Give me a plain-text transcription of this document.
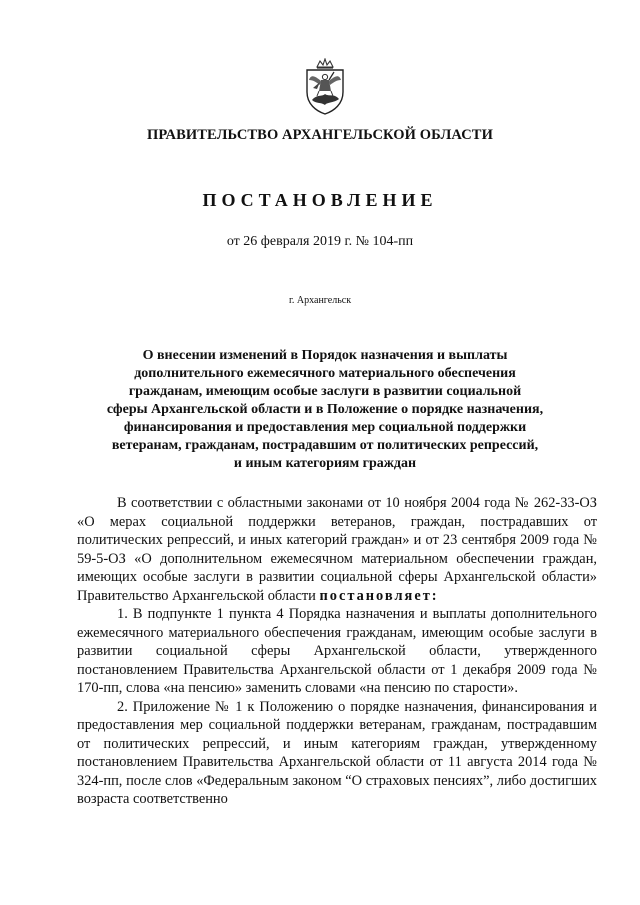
ПРАВИТЕЛЬСТВО АРХАНГЕЛЬСКОЙ ОБЛАСТИ
ПОСТАНОВЛЕНИЕ
от 26 февраля 2019 г. № 104-пп
г. Архангельск
О внесении изменений в Порядок назначения и выплаты
дополнительного ежемесячного материального обеспечения
гражданам, имеющим особые заслуги в развитии социальной
сферы Архангельской области и в Положение о порядке назначения,
финансирования и предоставления мер социальной поддержки
ветеранам, гражданам, пострадавшим от политических репрессий,
и иным категориям граждан

В соответствии с областными законами от 10 ноября 2004 года № 262-33-ОЗ «О мерах социальной поддержки ветеранов, граждан, пострадавших от политических репрессий, и иных категорий граждан» и от 23 сентября 2009 года № 59-5-ОЗ «О дополнительном ежемесячном материальном обеспечении граждан, имеющих особые заслуги в развитии социальной сферы Архангельской области» Правительство Архангельской области постановляет:

1. В подпункте 1 пункта 4 Порядка назначения и выплаты дополнительного ежемесячного материального обеспечения гражданам, имеющим особые заслуги в развитии социальной сферы Архангельской области, утвержденного постановлением Правительства Архангельской области от 1 декабря 2009 года № 170-пп, слова «на пенсию» заменить словами «на пенсию по старости».

2. Приложение № 1 к Положению о порядке назначения, финансирования и предоставления мер социальной поддержки ветеранам, гражданам, пострадавшим от политических репрессий, и иным категориям граждан, утвержденному постановлением Правительства Архангельской области от 11 августа 2014 года № 324-пп, после слов «Федеральным законом “О страховых пенсиях”, либо достигших возраста соответственно
